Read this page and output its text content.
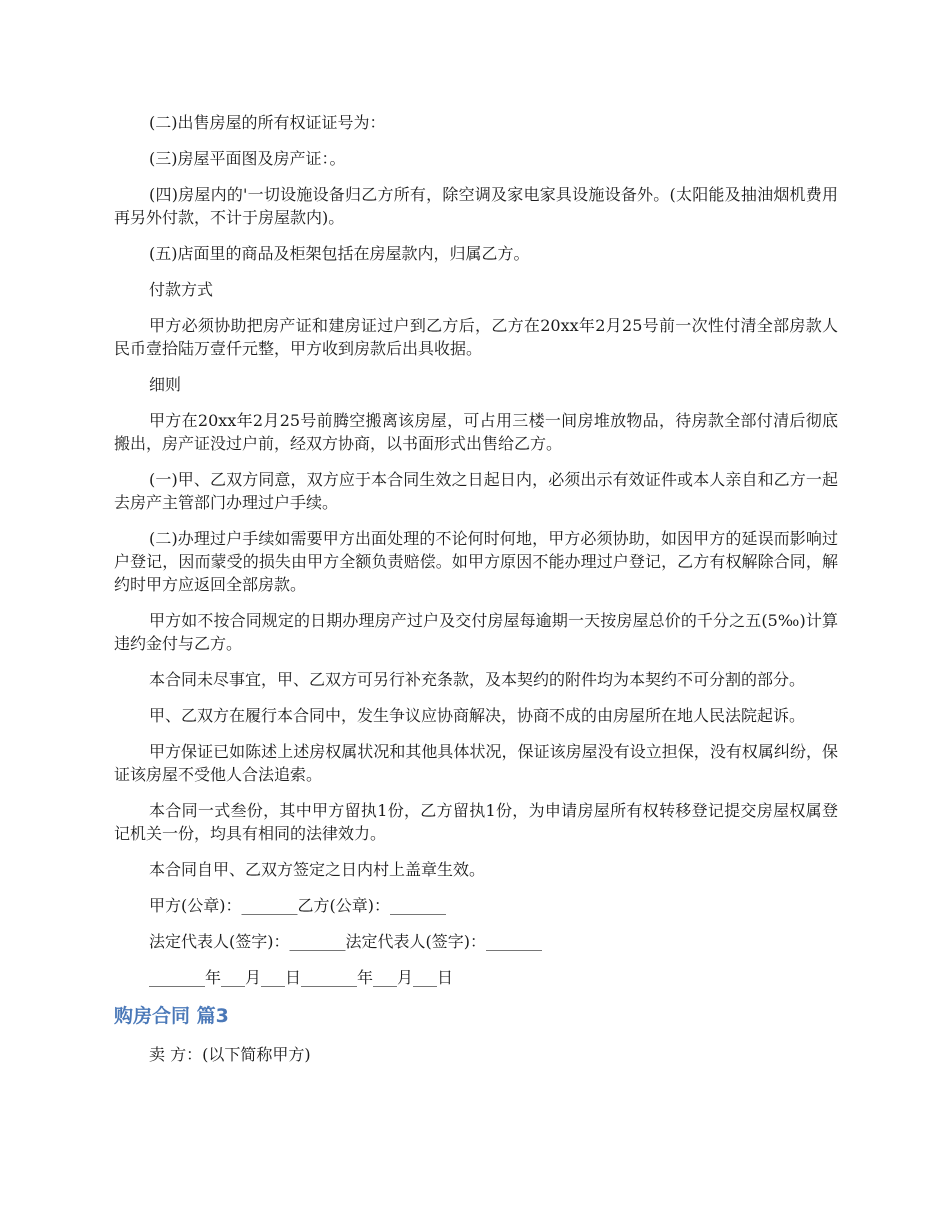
(二)出售房屋的所有权证证号为：

(三)房屋平面图及房产证：。

(四)房屋内的'一切设施设备归乙方所有，除空调及家电家具设施设备外。(太阳能及抽油烟机费用再另外付款，不计于房屋款内)。

(五)店面里的商品及柜架包括在房屋款内，归属乙方。

付款方式

甲方必须协助把房产证和建房证过户到乙方后，乙方在20xx年2月25号前一次性付清全部房款人民币壹拾陆万壹仟元整，甲方收到房款后出具收据。

细则

甲方在20xx年2月25号前腾空搬离该房屋，可占用三楼一间房堆放物品，待房款全部付清后彻底搬出，房产证没过户前，经双方协商，以书面形式出售给乙方。

(一)甲、乙双方同意，双方应于本合同生效之日起日内，必须出示有效证件或本人亲自和乙方一起去房产主管部门办理过户手续。

(二)办理过户手续如需要甲方出面处理的不论何时何地，甲方必须协助，如因甲方的延误而影响过户登记，因而蒙受的损失由甲方全额负责赔偿。如甲方原因不能办理过户登记，乙方有权解除合同，解约时甲方应返回全部房款。

甲方如不按合同规定的日期办理房产过户及交付房屋每逾期一天按房屋总价的千分之五(5‰)计算违约金付与乙方。

本合同未尽事宜，甲、乙双方可另行补充条款，及本契约的附件均为本契约不可分割的部分。

甲、乙双方在履行本合同中，发生争议应协商解决，协商不成的由房屋所在地人民法院起诉。

甲方保证已如陈述上述房权属状况和其他具体状况，保证该房屋没有设立担保，没有权属纠纷，保证该房屋不受他人合法追索。

本合同一式叁份，其中甲方留执1份，乙方留执1份，为申请房屋所有权转移登记提交房屋权属登记机关一份，均具有相同的法律效力。

本合同自甲、乙双方签定之日内村上盖章生效。

甲方(公章)：_______乙方(公章)：_______

法定代表人(签字)：_______法定代表人(签字)：_______

_______年___月___日_______年___月___日

购房合同 篇3

卖 方：(以下简称甲方)
